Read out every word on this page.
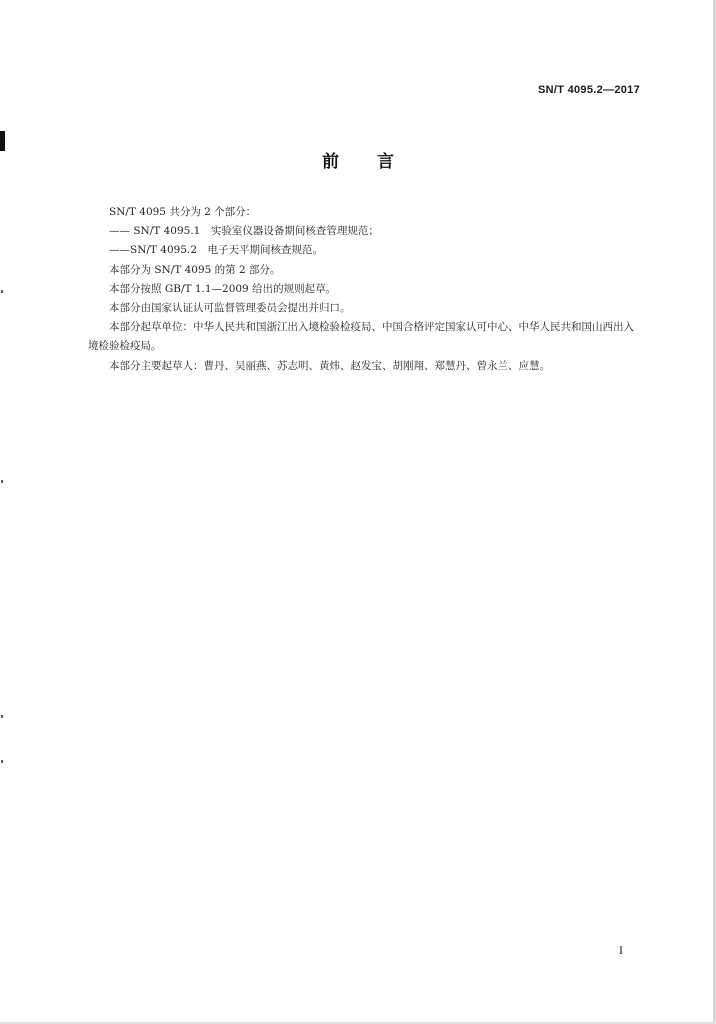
SN/T 4095.2—2017
前言

SN/T 4095 共分为 2 个部分：

—— SN/T 4095.1　实验室仪器设备期间核查管理规范；

——SN/T 4095.2　电子天平期间核查规范。

本部分为 SN/T 4095 的第 2 部分。

本部分按照 GB/T 1.1—2009 给出的规则起草。

本部分由国家认证认可监督管理委员会提出并归口。

本部分起草单位：中华人民共和国浙江出入境检验检疫局、中国合格评定国家认可中心、中华人民共和国山西出入境检验检疫局。

本部分主要起草人：曹丹、吴丽燕、苏志明、黄炜、赵发宝、胡刚翔、郑慧丹、曾永兰、应慧。

I
